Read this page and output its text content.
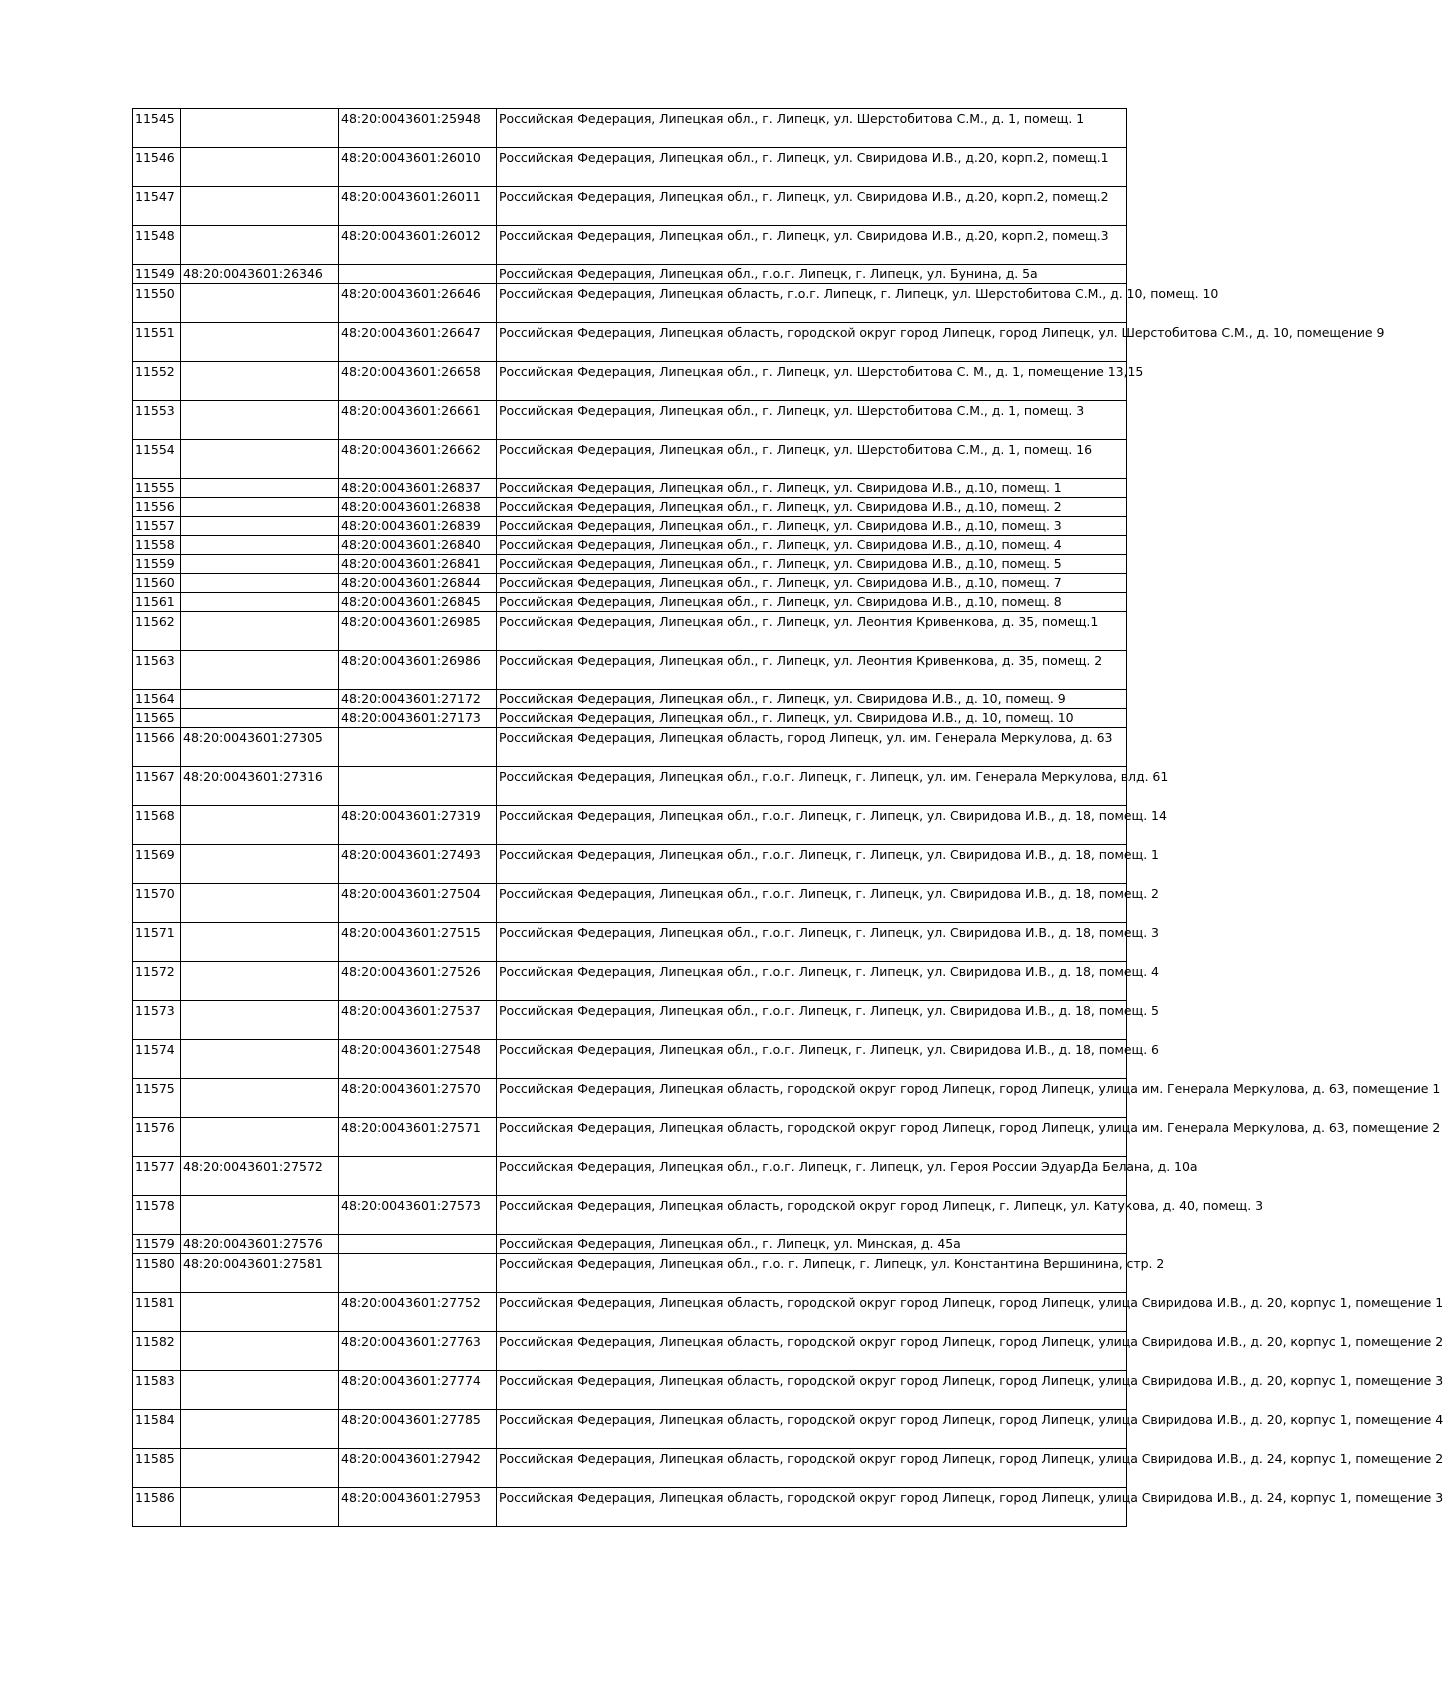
11545		48:20:0043601:25948	Российская Федерация, Липецкая обл., г. Липецк, ул. Шерстобитова С.М., д. 1, помещ. 1
11546		48:20:0043601:26010	Российская Федерация, Липецкая обл., г. Липецк, ул. Свиридова И.В., д.20, корп.2, помещ.1
11547		48:20:0043601:26011	Российская Федерация, Липецкая обл., г. Липецк, ул. Свиридова И.В., д.20, корп.2, помещ.2
11548		48:20:0043601:26012	Российская Федерация, Липецкая обл., г. Липецк, ул. Свиридова И.В., д.20, корп.2, помещ.3
11549	48:20:0043601:26346		Российская Федерация, Липецкая обл., г.о.г. Липецк, г. Липецк, ул. Бунина, д. 5а
11550		48:20:0043601:26646	Российская Федерация, Липецкая область, г.о.г. Липецк, г. Липецк, ул. Шерстобитова С.М., д. 10, помещ. 10
11551		48:20:0043601:26647	Российская Федерация, Липецкая область, городской округ город Липецк, город Липецк, ул. Шерстобитова С.М., д. 10, помещение 9
11552		48:20:0043601:26658	Российская Федерация, Липецкая обл., г. Липецк, ул. Шерстобитова С. М., д. 1, помещение 13,15
11553		48:20:0043601:26661	Российская Федерация, Липецкая обл., г. Липецк, ул. Шерстобитова С.М., д. 1, помещ. 3
11554		48:20:0043601:26662	Российская Федерация, Липецкая обл., г. Липецк, ул. Шерстобитова С.М., д. 1, помещ. 16
11555		48:20:0043601:26837	Российская Федерация, Липецкая обл., г. Липецк, ул. Свиридова И.В., д.10, помещ. 1
11556		48:20:0043601:26838	Российская Федерация, Липецкая обл., г. Липецк, ул. Свиридова И.В., д.10, помещ. 2
11557		48:20:0043601:26839	Российская Федерация, Липецкая обл., г. Липецк, ул. Свиридова И.В., д.10, помещ. 3
11558		48:20:0043601:26840	Российская Федерация, Липецкая обл., г. Липецк, ул. Свиридова И.В., д.10, помещ. 4
11559		48:20:0043601:26841	Российская Федерация, Липецкая обл., г. Липецк, ул. Свиридова И.В., д.10, помещ. 5
11560		48:20:0043601:26844	Российская Федерация, Липецкая обл., г. Липецк, ул. Свиридова И.В., д.10, помещ. 7
11561		48:20:0043601:26845	Российская Федерация, Липецкая обл., г. Липецк, ул. Свиридова И.В., д.10, помещ. 8
11562		48:20:0043601:26985	Российская Федерация, Липецкая обл., г. Липецк, ул. Леонтия Кривенкова, д. 35, помещ.1
11563		48:20:0043601:26986	Российская Федерация, Липецкая обл., г. Липецк, ул. Леонтия Кривенкова, д. 35, помещ. 2
11564		48:20:0043601:27172	Российская Федерация, Липецкая обл., г. Липецк, ул. Свиридова И.В., д. 10, помещ. 9
11565		48:20:0043601:27173	Российская Федерация, Липецкая обл., г. Липецк, ул. Свиридова И.В., д. 10, помещ. 10
11566	48:20:0043601:27305		Российская Федерация, Липецкая область, город Липецк, ул. им. Генерала Меркулова, д. 63
11567	48:20:0043601:27316		Российская Федерация, Липецкая обл., г.о.г. Липецк, г. Липецк, ул. им. Генерала Меркулова, влд. 61
11568		48:20:0043601:27319	Российская Федерация, Липецкая обл., г.о.г. Липецк, г. Липецк, ул. Свиридова И.В., д. 18, помещ. 14
11569		48:20:0043601:27493	Российская Федерация, Липецкая обл., г.о.г. Липецк, г. Липецк, ул. Свиридова И.В., д. 18, помещ. 1
11570		48:20:0043601:27504	Российская Федерация, Липецкая обл., г.о.г. Липецк, г. Липецк, ул. Свиридова И.В., д. 18, помещ. 2
11571		48:20:0043601:27515	Российская Федерация, Липецкая обл., г.о.г. Липецк, г. Липецк, ул. Свиридова И.В., д. 18, помещ. 3
11572		48:20:0043601:27526	Российская Федерация, Липецкая обл., г.о.г. Липецк, г. Липецк, ул. Свиридова И.В., д. 18, помещ. 4
11573		48:20:0043601:27537	Российская Федерация, Липецкая обл., г.о.г. Липецк, г. Липецк, ул. Свиридова И.В., д. 18, помещ. 5
11574		48:20:0043601:27548	Российская Федерация, Липецкая обл., г.о.г. Липецк, г. Липецк, ул. Свиридова И.В., д. 18, помещ. 6
11575		48:20:0043601:27570	Российская Федерация, Липецкая область, городской округ город Липецк, город Липецк, улица им. Генерала Меркулова, д. 63, помещение 1
11576		48:20:0043601:27571	Российская Федерация, Липецкая область, городской округ город Липецк, город Липецк, улица им. Генерала Меркулова, д. 63, помещение 2
11577	48:20:0043601:27572		Российская Федерация, Липецкая обл., г.о.г. Липецк, г. Липецк, ул. Героя России ЭдуарДа Белана, д. 10а
11578		48:20:0043601:27573	Российская Федерация, Липецкая область, городской округ город Липецк, г. Липецк, ул. Катукова, д. 40, помещ. 3
11579	48:20:0043601:27576		Российская Федерация, Липецкая обл., г. Липецк, ул. Минская, д. 45а
11580	48:20:0043601:27581		Российская Федерация, Липецкая обл., г.о. г. Липецк, г. Липецк, ул. Константина Вершинина, стр. 2
11581		48:20:0043601:27752	Российская Федерация, Липецкая область, городской округ город Липецк, город Липецк, улица Свиридова И.В., д. 20, корпус 1, помещение 1
11582		48:20:0043601:27763	Российская Федерация, Липецкая область, городской округ город Липецк, город Липецк, улица Свиридова И.В., д. 20, корпус 1, помещение 2
11583		48:20:0043601:27774	Российская Федерация, Липецкая область, городской округ город Липецк, город Липецк, улица Свиридова И.В., д. 20, корпус 1, помещение 3
11584		48:20:0043601:27785	Российская Федерация, Липецкая область, городской округ город Липецк, город Липецк, улица Свиридова И.В., д. 20, корпус 1, помещение 4
11585		48:20:0043601:27942	Российская Федерация, Липецкая область, городской округ город Липецк, город Липецк, улица Свиридова И.В., д. 24, корпус 1, помещение 2
11586		48:20:0043601:27953	Российская Федерация, Липецкая область, городской округ город Липецк, город Липецк, улица Свиридова И.В., д. 24, корпус 1, помещение 3
